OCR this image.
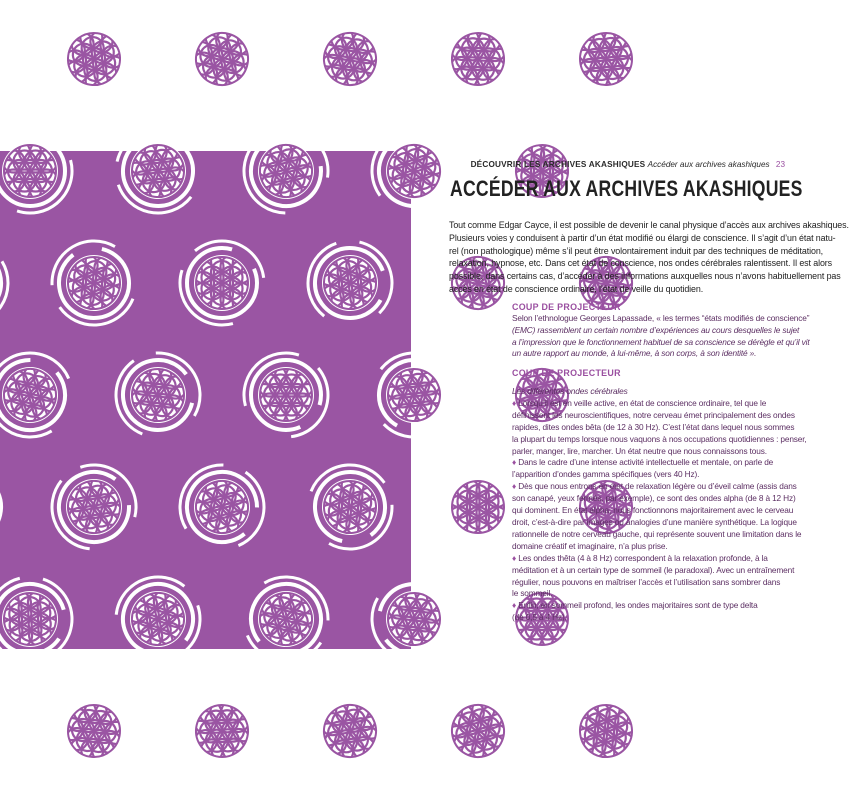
DÉCOUVRIR LES ARCHIVES AKASHIQUES Accéder aux archives akashiques 23
ACCÉDER AUX ARCHIVES AKASHIQUES
Tout comme Edgar Cayce, il est possible de devenir le canal physique d’accès aux archives akashiques.
Plusieurs voies y conduisent à partir d’un état modifié ou élargi de conscience. Il s’agit d’un état natu-
rel (non pathologique) même s’il peut être volontairement induit par des techniques de méditation,
relaxation, hypnose, etc. Dans cet état de conscience, nos ondes cérébrales ralentissent. Il est alors
possible, dans certains cas, d’accéder à des informations auxquelles nous n’avons habituellement pas
accès en état de conscience ordinaire, l’état de veille du quotidien.
COUP DE PROJECTEUR
Selon l’ethnologue Georges Lapassade, « les termes “états modifiés de conscience”
(EMC) rassemblent un certain nombre d’expériences au cours desquelles le sujet
a l’impression que le fonctionnement habituel de sa conscience se dérègle et qu’il vit
un autre rapport au monde, à lui-même, à son corps, à son identité ».
COUP DE PROJECTEUR
Les différentes ondes cérébrales
♦ Lorsqu’il est en veille active, en état de conscience ordinaire, tel que le
définissent les neuroscientifiques, notre cerveau émet principalement des ondes
rapides, dites ondes bêta (de 12 à 30 Hz). C’est l’état dans lequel nous sommes
la plupart du temps lorsque nous vaquons à nos occupations quotidiennes : penser,
parler, manger, lire, marcher. Un état neutre que nous connaissons tous.
♦ Dans le cadre d’une intense activité intellectuelle et mentale, on parle de
l’apparition d’ondes gamma spécifiques (vers 40 Hz).
♦ Dès que nous entrons en état de relaxation légère ou d’éveil calme (assis dans
son canapé, yeux fermés, par exemple), ce sont des ondes alpha (de 8 à 12 Hz)
qui dominent. En état alpha, nous fonctionnons majoritairement avec le cerveau
droit, c’est-à-dire par images ou analogies d’une manière synthétique. La logique
rationnelle de notre cerveau gauche, qui représente souvent une limitation dans le
domaine créatif et imaginaire, n’a plus prise.
♦ Les ondes thêta (4 à 8 Hz) correspondent à la relaxation profonde, à la
méditation et à un certain type de sommeil (le paradoxal). Avec un entraînement
régulier, nous pouvons en maîtriser l’accès et l’utilisation sans sombrer dans
le sommeil.
♦ Enfin, en sommeil profond, les ondes majoritaires sont de type delta
(de 0,5 à 4 Hz).
